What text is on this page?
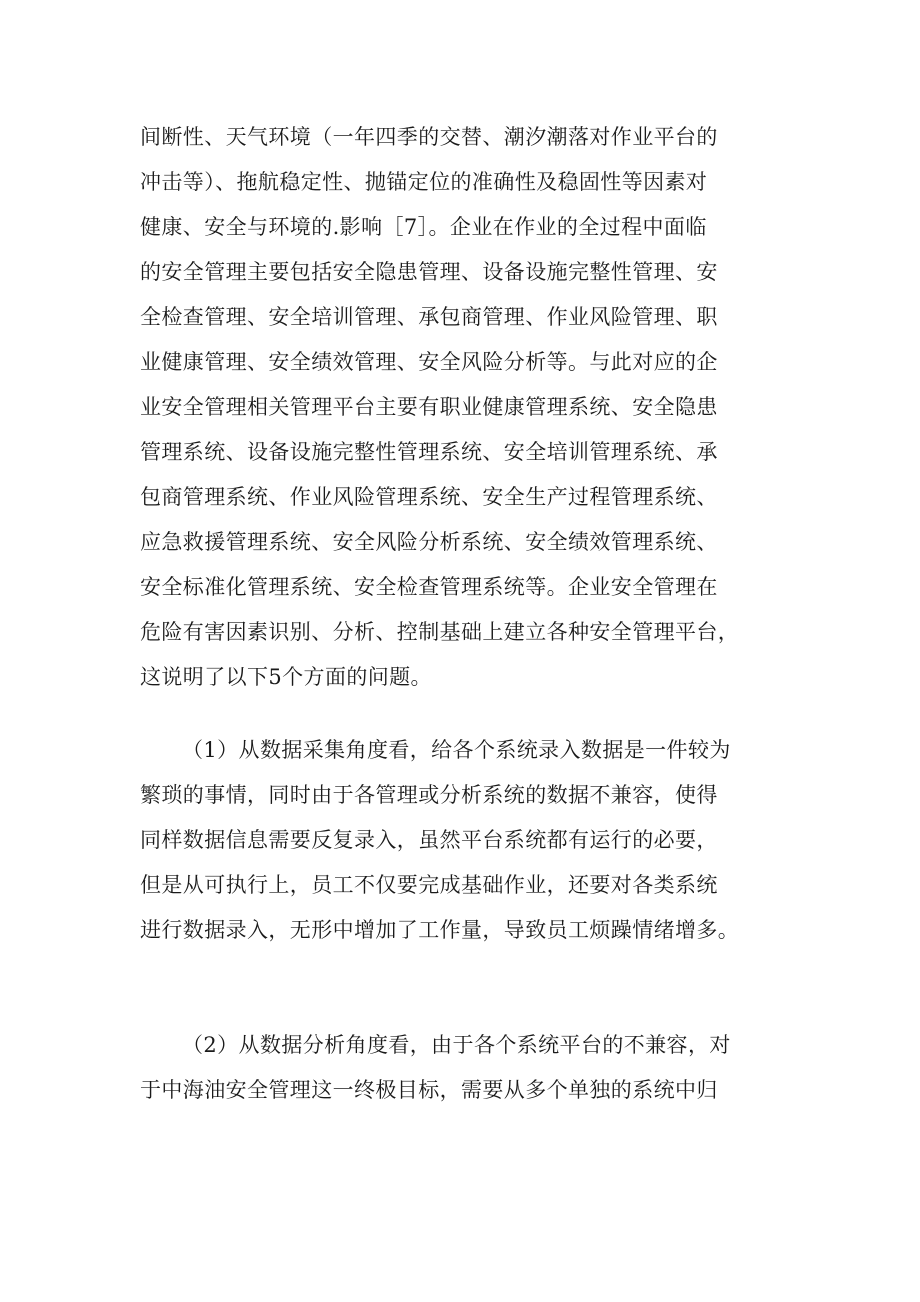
间断性、天气环境（一年四季的交替、潮汐潮落对作业平台的
冲击等）、拖航稳定性、抛锚定位的准确性及稳固性等因素对
健康、安全与环境的.影响［7］。企业在作业的全过程中面临
的安全管理主要包括安全隐患管理、设备设施完整性管理、安
全检查管理、安全培训管理、承包商管理、作业风险管理、职
业健康管理、安全绩效管理、安全风险分析等。与此对应的企
业安全管理相关管理平台主要有职业健康管理系统、安全隐患
管理系统、设备设施完整性管理系统、安全培训管理系统、承
包商管理系统、作业风险管理系统、安全生产过程管理系统、
应急救援管理系统、安全风险分析系统、安全绩效管理系统、
安全标准化管理系统、安全检查管理系统等。企业安全管理在
危险有害因素识别、分析、控制基础上建立各种安全管理平台，
这说明了以下5个方面的问题。
（1）从数据采集角度看，给各个系统录入数据是一件较为
繁琐的事情，同时由于各管理或分析系统的数据不兼容，使得
同样数据信息需要反复录入，虽然平台系统都有运行的必要，
但是从可执行上，员工不仅要完成基础作业，还要对各类系统
进行数据录入，无形中增加了工作量，导致员工烦躁情绪增多。
（2）从数据分析角度看，由于各个系统平台的不兼容，对
于中海油安全管理这一终极目标，需要从多个单独的系统中归
